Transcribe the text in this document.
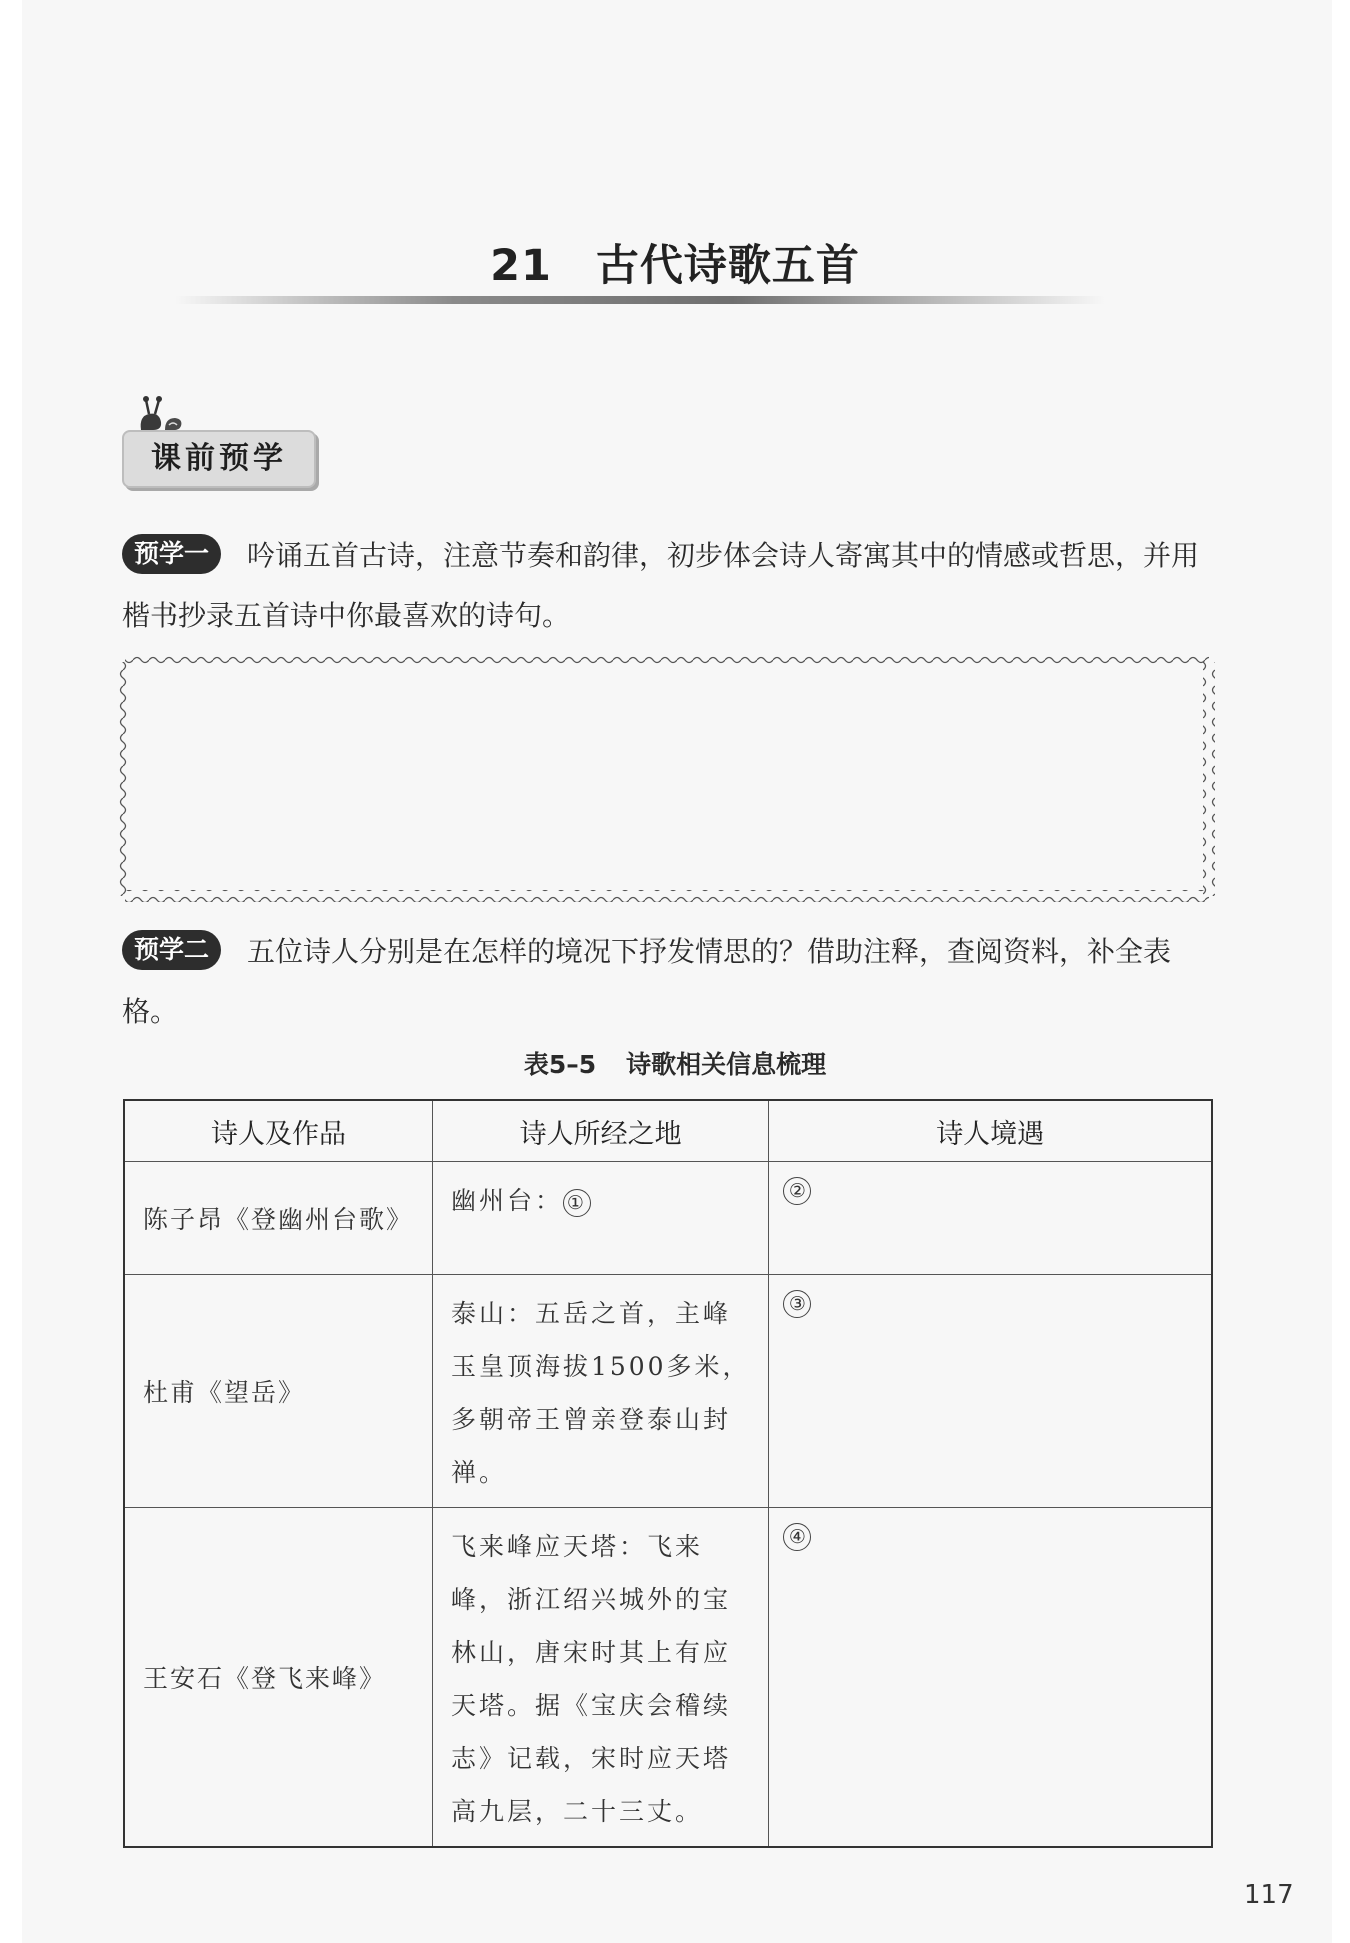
21 古代诗歌五首
课前预学
预学一 吟诵五首古诗，注意节奏和韵律，初步体会诗人寄寓其中的情感或哲思，并用楷书抄录五首诗中你最喜欢的诗句。
预学二 五位诗人分别是在怎样的境况下抒发情思的？借助注释，查阅资料，补全表格。
表5–5 诗歌相关信息梳理
诗人及作品	诗人所经之地	诗人境遇
陈子昂《登幽州台歌》	幽州台： ①	②
杜甫《望岳》	泰山：五岳之首，主峰玉皇顶海拔1500多米，多朝帝王曾亲登泰山封禅。	③
王安石《登飞来峰》	飞来峰应天塔：飞来峰，浙江绍兴城外的宝林山，唐宋时其上有应天塔。据《宝庆会稽续志》记载，宋时应天塔高九层，二十三丈。	④
117
